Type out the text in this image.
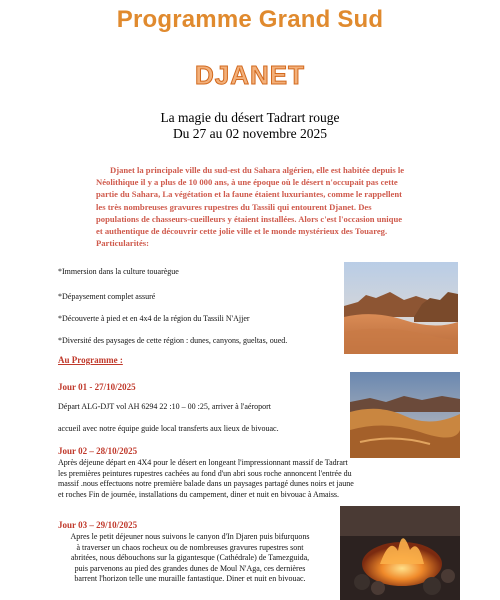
Programme Grand Sud
DJANET
La magie du désert Tadrart rouge
Du 27 au 02 novembre 2025
Djanet la principale ville du sud-est du Sahara algérien, elle est habitée depuis le Néolithique il y a plus de 10 000 ans, à une époque où le désert n'occupait pas cette partie du Sahara, La végétation et la faune étaient luxuriantes, comme le rappellent les très nombreuses gravures rupestres du Tassili qui entourent Djanet. Des populations de chasseurs-cueilleurs y étaient installées. Alors c'est l'occasion unique et authentique de découvrir cette jolie ville et le monde mystérieux des Touareg. Particularités:
*Immersion dans la culture touarègue
*Dépaysement complet assuré
*Découverte à pied et en 4x4 de la région du Tassili N'Ajjer
*Diversité des paysages de cette région : dunes, canyons, gueltas, oued.
Au Programme :
Jour 01 - 27/10/2025
Départ ALG-DJT vol AH 6294 22 :10 – 00 :25, arriver à l'aéroport
accueil avec notre équipe guide local transferts aux lieux de bivouac.
Jour 02 – 28/10/2025
Après déjeune départ en 4X4 pour le désert en longeant l'impressionnant massif de Tadrart les premières peintures rupestres cachées au fond d'un abri sous roche annoncent l'entrée du massif .nous effectuons notre première balade dans un paysages partagé dunes noirs et jaune et roches Fin de journée, installations du campement, diner et nuit en bivouac à Amaiss.
Jour 03 – 29/10/2025
Apres le petit déjeuner nous suivons le canyon d'In Djaren puis bifurquons à traverser un chaos rocheux ou de nombreuses gravures rupestres sont abritées, nous débouchons sur la gigantesque (Cathédrale) de Tamezguida, puis parvenons au pied des grandes dunes de Moul N'Aga, ces dernières barrent l'horizon telle une muraille fantastique. Diner et nuit en bivouac.
